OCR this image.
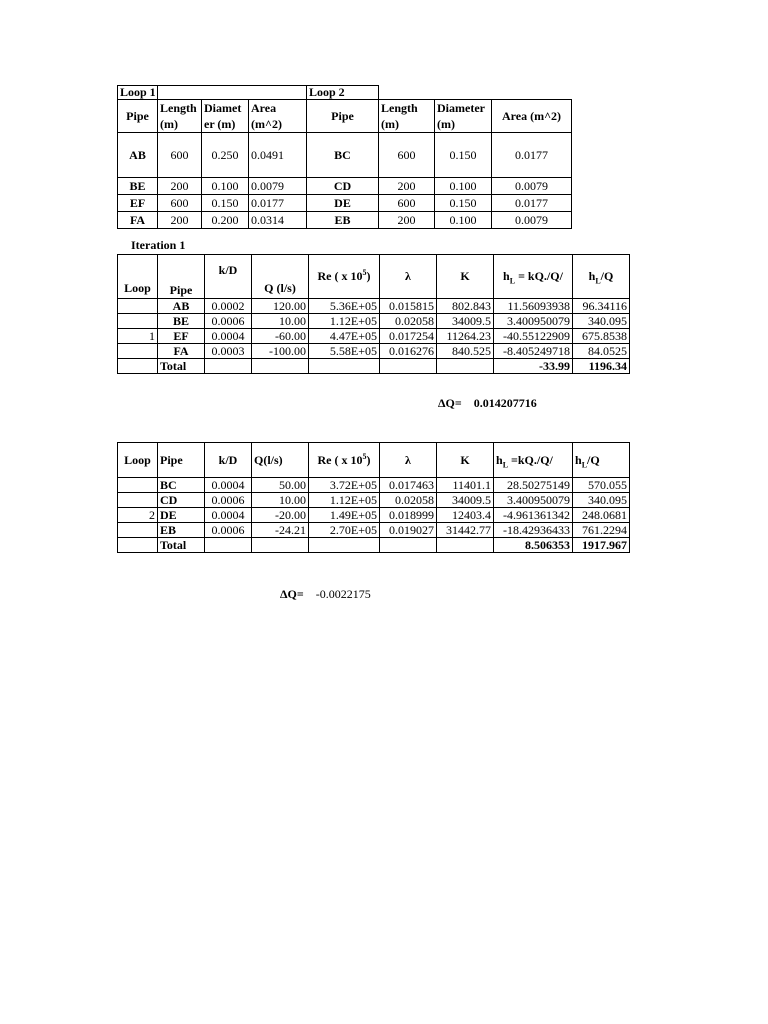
Loop 1				Loop 2			
Pipe	Length (m)	Diamet er (m)	Area (m^2)	Pipe	Length (m)	Diameter (m)	Area (m^2)
AB	600	0.250	0.0491	BC	600	0.150	0.0177
BE	200	0.100	0.0079	CD	200	0.100	0.0079
EF	600	0.150	0.0177	DE	600	0.150	0.0177
FA	200	0.200	0.0314	EB	200	0.100	0.0079
Iteration 1
Loop	Pipe	k/D	Q (l/s)	Re ( x $10^5$)	λ	K	$h_L = kQ./Q/$	$h_L/Q$
	AB	0.0002	120.00	5.36E+05	0.015815	802.843	11.56093938	96.34116
	BE	0.0006	10.00	1.12E+05	0.02058	34009.5	3.400950079	340.095
1	EF	0.0004	-60.00	4.47E+05	0.017254	11264.23	-40.55122909	675.8538
	FA	0.0003	-100.00	5.58E+05	0.016276	840.525	-8.405249718	84.0525
	Total						-33.99	1196.34
ΔQ= 0.014207716
Loop	Pipe	k/D	Q(l/s)	Re ( x $10^5$)	λ	K	$h_L =kQ./Q/$	$h_L/Q$
	BC	0.0004	50.00	3.72E+05	0.017463	11401.1	28.50275149	570.055
	CD	0.0006	10.00	1.12E+05	0.02058	34009.5	3.400950079	340.095
2	DE	0.0004	-20.00	1.49E+05	0.018999	12403.4	-4.961361342	248.0681
	EB	0.0006	-24.21	2.70E+05	0.019027	31442.77	-18.42936433	761.2294
	Total						8.506353	1917.967
ΔQ= -0.0022175
